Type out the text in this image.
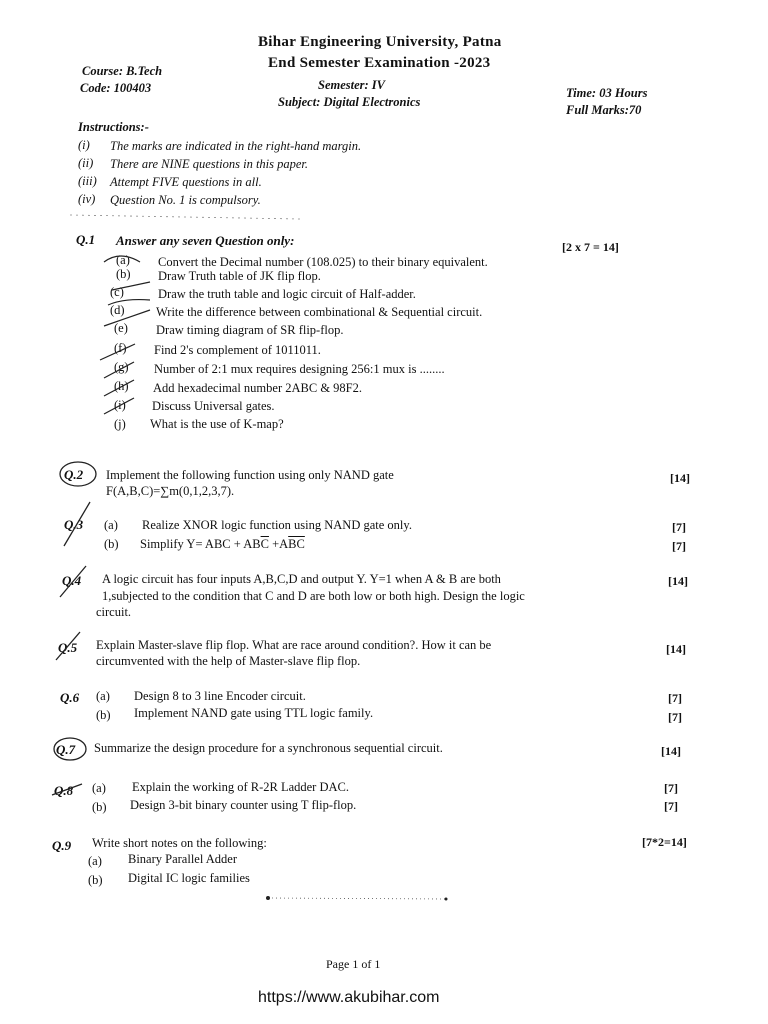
Bihar Engineering University, Patna
End Semester Examination -2023
Semester: IV
Subject: Digital Electronics
Course: B.Tech
Code: 100403	Time: 03 Hours
Full Marks:70
Instructions:-
(i) The marks are indicated in the right-hand margin.
(ii) There are NINE questions in this paper.
(iii) Attempt FIVE questions in all.
(iv) Question No. 1 is compulsory.
Q.1 Answer any seven Question only:	[2 x 7 = 14]
(a) Convert the Decimal number (108.025) to their binary equivalent.
(b) Draw Truth table of JK flip flop.
(c)	Draw the truth table and logic circuit of Half-adder.
(d)	Write the difference between combinational & Sequential circuit.
(e) Draw timing diagram of SR flip-flop.
(f) Find 2's complement of 1011011.
(g) Number of 2:1 mux requires designing 256:1 mux is ........
(h) Add hexadecimal number 2ABC & 98F2.
(i) Discuss Universal gates.
(j) What is the use of K-map?
Q.2 Implement the following function using only NAND gate
F(A,B,C)=∑m(0,1,2,3,7).
[14]
Q.3 (a) Realize XNOR logic function using NAND gate only.	[7]
(b) Simplify Y= ABC + $AB\overline{C} +A\overline{B}\overline{C}$	[7]
Q.4 A logic circuit has four inputs A,B,C,D and output Y. Y=1 when A & B are both
1,subjected to the condition that C and D are both low or both high. Design the logic
circuit.
[14]
Q.5 Explain Master-slave flip flop. What are race around condition?. How it can be
circumvented with the help of Master-slave flip flop.
[14]
Q.6 (a) Design 8 to 3 line Encoder circuit.	[7]
(b) Implement NAND gate using TTL logic family.	[7]
Q.7 Summarize the design procedure for a synchronous sequential circuit.	[14]
Q.8 (a) Explain the working of R-2R Ladder DAC.	[7]
(b) Design 3-bit binary counter using T flip-flop.	[7]
Q.9 Write short notes on the following:	[7*2=14]
(a) Binary Parallel Adder
(b) Digital IC logic families
Page 1 of 1
https://www.akubihar.com
